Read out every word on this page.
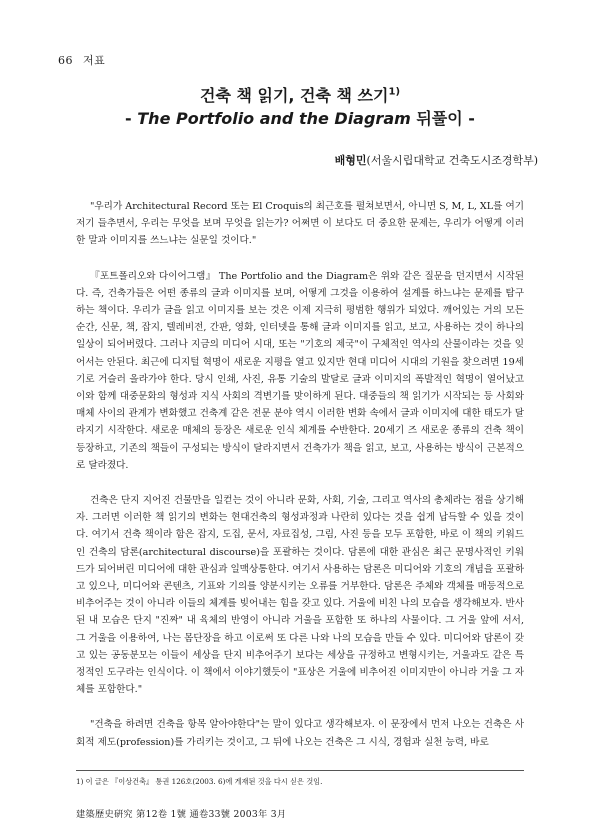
66 저표
건축 책 읽기, 건축 책 쓰기$^{1)}$
- The Portfolio and the Diagram 뒤풀이 -
배형민(서울시립대학교 건축도시조경학부)

"우리가 Architectural Record 또는 El Croquis의 최근호를 펼쳐보면서, 아니면 S, M, L, XL를 여기저기 들추면서, 우리는 무엇을 보며 무엇을 읽는가? 어쩌면 이 보다도 더 중요한 문제는, 우리가 어떻게 이러한 말과 이미지를 쓰느냐는 실문일 것이다."

『포트폴리오와 다이어그램』 The Portfolio and the Diagram은 위와 같은 질문을 던지면서 시작된다. 즉, 건축가들은 어떤 종류의 글과 이미지를 보며, 어떻게 그것을 이용하여 설계를 하느냐는 문제를 탐구하는 책이다. 우리가 글을 읽고 이미지를 보는 것은 이제 지극히 평범한 행위가 되었다. 깨어있는 거의 모든 순간, 신문, 책, 잡지, 텔레비전, 간판, 영화, 인터넷을 통해 글과 이미지를 읽고, 보고, 사용하는 것이 하나의 일상이 되어버렸다. 그러나 지금의 미디어 시대, 또는 "기호의 제국"이 구체적인 역사의 산물이라는 것을 잊어서는 안된다. 최근에 디지털 혁명이 새로운 지평을 열고 있지만 현대 미디어 시대의 기원을 찾으려면 19세기로 거슬러 올라가야 한다. 당시 인쇄, 사진, 유통 기술의 발달로 글과 이미지의 폭발적인 혁명이 열어났고 이와 함께 대중문화의 형성과 지식 사회의 격변기를 맞이하게 된다. 대중들의 책 읽기가 시작되는 등 사회와 매체 사이의 관계가 변화했고 건축계 같은 전문 분야 역시 이러한 변화 속에서 글과 이미지에 대한 태도가 달라지기 시작한다. 새로운 매체의 등장은 새로운 인식 체계를 수반한다. 20세기 즈 새로운 종류의 건축 책이 등장하고, 기존의 책들이 구성되는 방식이 달라지면서 건축가가 책을 읽고, 보고, 사용하는 방식이 근본적으로 달라졌다.

건축은 단지 지어진 건물만을 일컫는 것이 아니라 문화, 사회, 기술, 그리고 역사의 총체라는 점을 상기해자. 그러면 이러한 책 읽기의 변화는 현대건축의 형성과정과 나란히 있다는 것을 쉽게 납득할 수 있을 것이다. 여기서 건축 책이라 함은 잡지, 도집, 문서, 자료집성, 그림, 사진 등을 모두 포함한, 바로 이 책의 키워드인 건축의 담론(architectural discourse)을 포괄하는 것이다. 담론에 대한 관심은 최근 문명사적인 키워드가 되어버린 미디어에 대한 관심과 일맥상통한다. 여기서 사용하는 담론은 미디어와 기호의 개념을 포괄하고 있으나, 미디어와 콘텐츠, 기표와 기의를 양분시키는 오류를 거부한다. 담론은 주체와 객체를 매등적으로 비추어주는 것이 아니라 이들의 체계를 빚어내는 힘을 갖고 있다. 거울에 비친 나의 모습을 생각해보자. 반사된 내 모습은 단지 "진짜" 내 육체의 반영이 아니라 거울을 포함한 또 하나의 사물이다. 그 거울 앞에 서서, 그 거울을 이용하여, 나는 몸단장을 하고 이로써 또 다른 나와 나의 모습을 만들 수 있다. 미디어와 담론이 갖고 있는 공동분모는 이들이 세상을 단지 비추어주기 보다는 세상을 규정하고 변형시키는, 거울과도 같은 특정적인 도구라는 인식이다. 이 책에서 이야기했듯이 "표상은 거울에 비추어진 이미지만이 아니라 거울 그 자체를 포함한다."

"건축을 하려면 건축을 항목 알아야한다"는 말이 있다고 생각해보자. 이 문장에서 먼저 나오는 건축은 사회적 제도(profession)를 가리키는 것이고, 그 뒤에 나오는 건축은 그 시식, 경험과 실천 능력, 바로

1) 이 글은 『이상건축』 통권 126호(2003. 6)에 게재된 것을 다시 싣은 것임.
建築歷史硏究 第12卷 1號 通卷33號 2003年 3月
